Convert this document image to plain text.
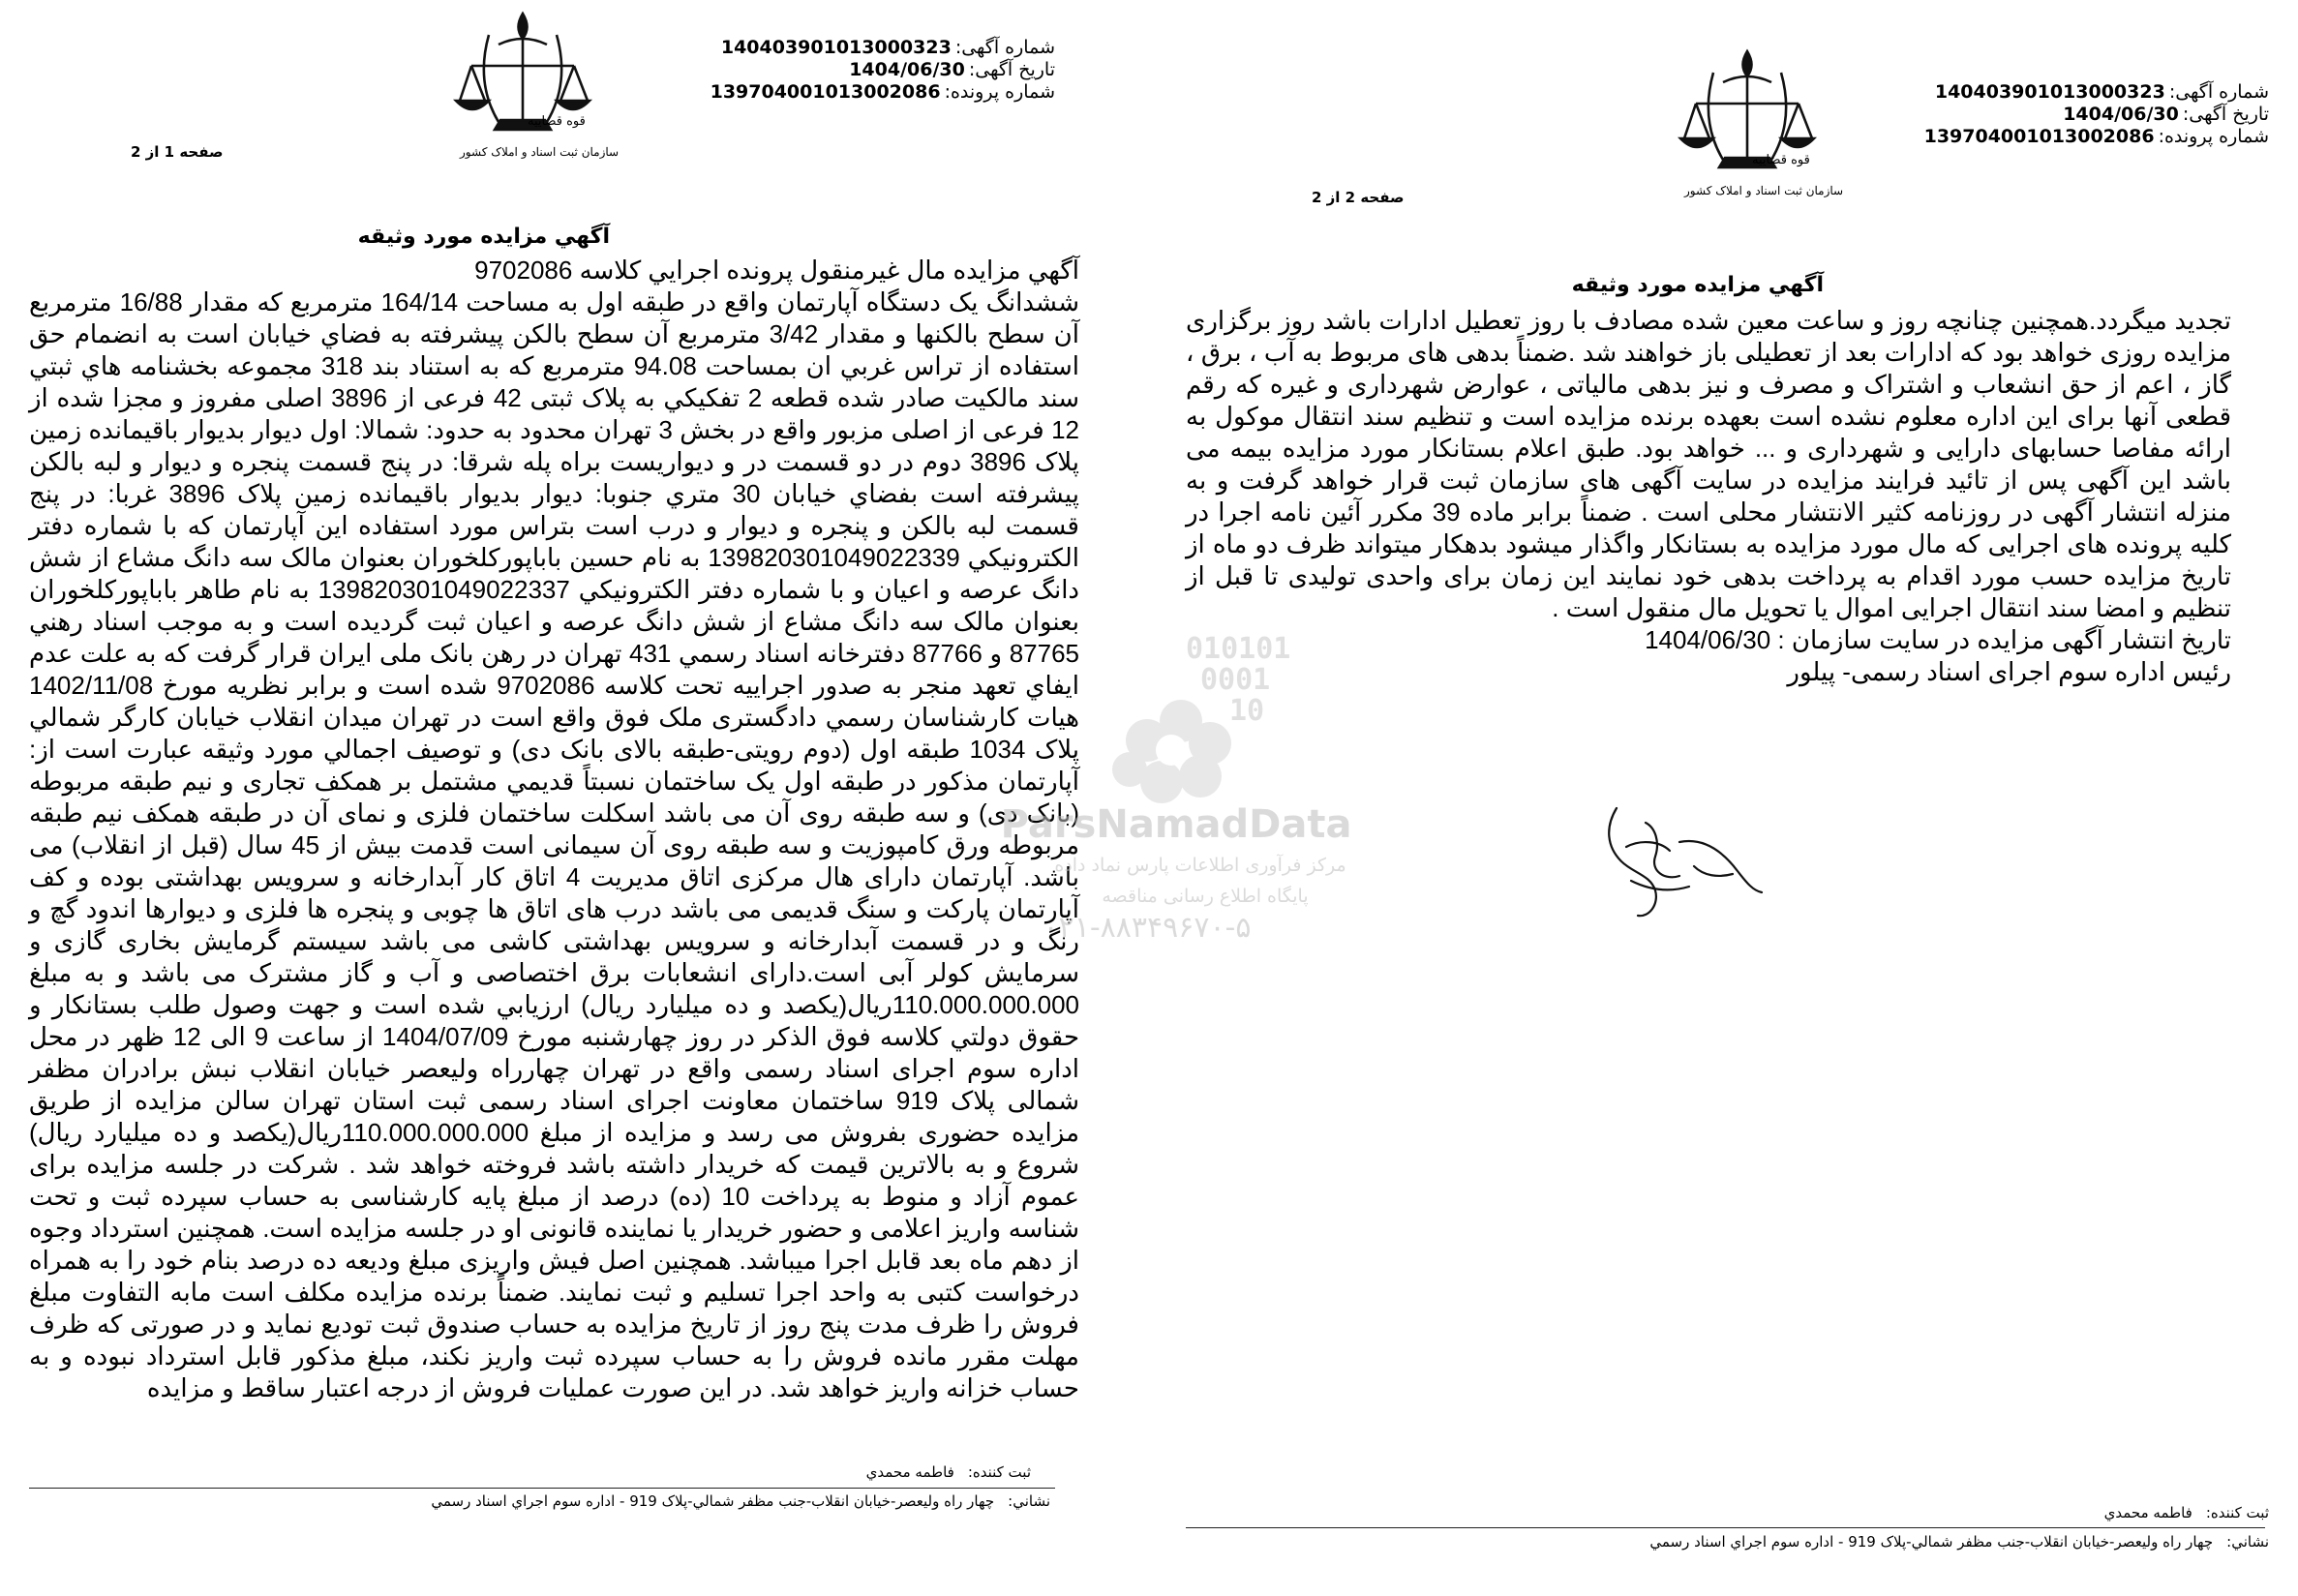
قوه قضاییه
سازمان ثبت اسناد و املاک کشور
شماره آگهی:140403901013000323
تاریخ آگهی:1404/06/30
شماره پرونده:139704001013002086
صفحه 1 از 2
آگهي مزايده مورد وثيقه

آگهي مزايده مال غيرمنقول پرونده اجرايي کلاسه 9702086

ششدانگ یک دستگاه آپارتمان واقع در طبقه اول به مساحت 164/14 مترمربع که مقدار 16/88 مترمربع آن سطح بالكنها و مقدار 3/42 مترمربع آن سطح بالكن پيشرفته به فضاي خيابان است به انضمام حق استفاده از تراس غربي ان بمساحت 94.08 مترمربع كه به استناد بند 318 مجموعه بخشنامه هاي ثبتي سند مالكيت صادر شده قطعه 2 تفكيكي به پلاک ثبتی 42 فرعی از 3896 اصلی مفروز و مجزا شده از 12 فرعی از اصلی مزبور واقع در بخش 3 تهران محدود به حدود: شمالا: اول ديوار بديوار باقيمانده زمين پلاک 3896 دوم در دو قسمت در و ديواريست براه پله شرقا: در پنج قسمت پنجره و ديوار و لبه بالكن پيشرفته است بفضاي خيابان 30 متري جنوبا: ديوار بديوار باقيمانده زمين پلاک 3896 غربا: در پنج قسمت لبه بالكن و پنجره و ديوار و درب است بتراس مورد استفاده اين آپارتمان كه با شماره دفتر الكترونيكي 139820301049022339 به نام حسين باباپوركلخوران بعنوان مالک سه دانگ مشاع از شش دانگ عرصه و اعيان و با شماره دفتر الكترونيكي 139820301049022337 به نام طاهر باباپوركلخوران بعنوان مالک سه دانگ مشاع از شش دانگ عرصه و اعيان ثبت گرديده است و به موجب اسناد رهني 87765 و 87766 دفترخانه اسناد رسمي 431 تهران در رهن بانک ملی ایران قرار گرفت كه به علت عدم ايفاي تعهد منجر به صدور اجراييه تحت کلاسه 9702086 شده است و برابر نظريه مورخ 1402/11/08 هيات كارشناسان رسمي دادگستری ملک فوق واقع است در تهران ميدان انقلاب خيابان كارگر شمالي پلاک 1034 طبقه اول (دوم رويتی-طبقه بالای بانک دی) و توصيف اجمالي مورد وثيقه عبارت است از: آپارتمان مذكور در طبقه اول یک ساختمان نسبتاً قديمي مشتمل بر همكف تجاری و نيم طبقه مربوطه (بانک دی) و سه طبقه روی آن می باشد اسكلت ساختمان فلزی و نمای آن در طبقه همكف نيم طبقه مربوطه ورق كامپوزيت و سه طبقه روی آن سيمانی است قدمت بيش از 45 سال (قبل از انقلاب) می باشد. آپارتمان دارای هال مركزی اتاق مديريت 4 اتاق كار آبدارخانه و سرويس بهداشتی بوده و كف آپارتمان پاركت و سنگ قديمی می باشد درب های اتاق ها چوبی و پنجره ها فلزی و ديوارها اندود گچ و رنگ و در قسمت آبدارخانه و سرويس بهداشتی كاشی می باشد سيستم گرمايش بخاری گازی و سرمايش كولر آبی است.دارای انشعابات برق اختصاصی و آب و گاز مشترک می باشد و به مبلغ 110.000.000.000ريال(يكصد و ده ميليارد ريال) ارزيابي شده است و جهت وصول طلب بستانكار و حقوق دولتي كلاسه فوق الذكر در روز چهارشنبه مورخ 1404/07/09 از ساعت 9 الی 12 ظهر در محل اداره سوم اجرای اسناد رسمی واقع در تهران چهارراه وليعصر خيابان انقلاب نبش برادران مظفر شمالی پلاک 919 ساختمان معاونت اجرای اسناد رسمی ثبت استان تهران سالن مزايده از طريق مزايده حضوری بفروش می رسد و مزايده از مبلغ 110.000.000.000ريال(يكصد و ده ميليارد ريال) شروع و به بالاترين قيمت كه خريدار داشته باشد فروخته خواهد شد . شركت در جلسه مزايده برای عموم آزاد و منوط به پرداخت 10 (ده) درصد از مبلغ پايه كارشناسی به حساب سپرده ثبت و تحت شناسه واريز اعلامی و حضور خريدار يا نماينده قانونی او در جلسه مزايده است. همچنين استرداد وجوه از دهم ماه بعد قابل اجرا ميباشد. همچنين اصل فيش واريزی مبلغ وديعه ده درصد بنام خود را به همراه درخواست كتبی به واحد اجرا تسليم و ثبت نمايند. ضمناً برنده مزايده مكلف است مابه التفاوت مبلغ فروش را ظرف مدت پنج روز از تاريخ مزايده به حساب صندوق ثبت توديع نمايد و در صورتی كه ظرف مهلت مقرر مانده فروش را به حساب سپرده ثبت واريز نكند، مبلغ مذكور قابل استرداد نبوده و به حساب خزانه واريز خواهد شد. در اين صورت عمليات فروش از درجه اعتبار ساقط و مزايده

ثبت كننده:فاطمه محمدي
نشاني:چهار راه وليعصر-خيابان انقلاب-جنب مظفر شمالي-پلاک 919 - اداره سوم اجراي اسناد رسمي
قوه قضاییه
سازمان ثبت اسناد و املاک کشور
شماره آگهی:140403901013000323
تاریخ آگهی:1404/06/30
شماره پرونده:139704001013002086
صفحه 2 از 2
آگهي مزايده مورد وثيقه

تجديد ميگردد.همچنين چنانچه روز و ساعت معين شده مصادف با روز تعطيل ادارات باشد روز برگزاری مزايده روزی خواهد بود كه ادارات بعد از تعطيلی باز خواهند شد .ضمناً بدهی های مربوط به آب ، برق ، گاز ، اعم از حق انشعاب و اشتراک و مصرف و نيز بدهی مالياتی ، عوارض شهرداری و غيره كه رقم قطعی آنها برای اين اداره معلوم نشده است بعهده برنده مزايده است و تنظيم سند انتقال موكول به ارائه مفاصا حسابهای دارايی و شهرداری و ... خواهد بود. طبق اعلام بستانكار مورد مزايده بيمه می باشد اين آگهی پس از تائيد فرايند مزايده در سايت آگهی های سازمان ثبت قرار خواهد گرفت و به منزله انتشار آگهی در روزنامه كثير الانتشار محلی است . ضمناً برابر ماده 39 مكرر آئين نامه اجرا در كليه پرونده های اجرايی كه مال مورد مزايده به بستانكار واگذار ميشود بدهكار ميتواند ظرف دو ماه از تاريخ مزايده حسب مورد اقدام به پرداخت بدهی خود نمايند اين زمان برای واحدی توليدی تا قبل از تنظيم و امضا سند انتقال اجرايی اموال يا تحويل مال منقول است .

تاريخ انتشار آگهی مزايده در سايت سازمان : 1404/06/30

رئيس اداره سوم اجرای اسناد رسمی- پيلور

ثبت كننده:فاطمه محمدي
نشاني:چهار راه وليعصر-خيابان انقلاب-جنب مظفر شمالي-پلاک 919 - اداره سوم اجراي اسناد رسمي
010101
0001
10
ParsNamadData
مرکز فرآوری اطلاعات پارس نماد داده
پایگاه اطلاع رسانی مناقصه
۰۲۱-۸۸۳۴۹۶۷۰-۵
